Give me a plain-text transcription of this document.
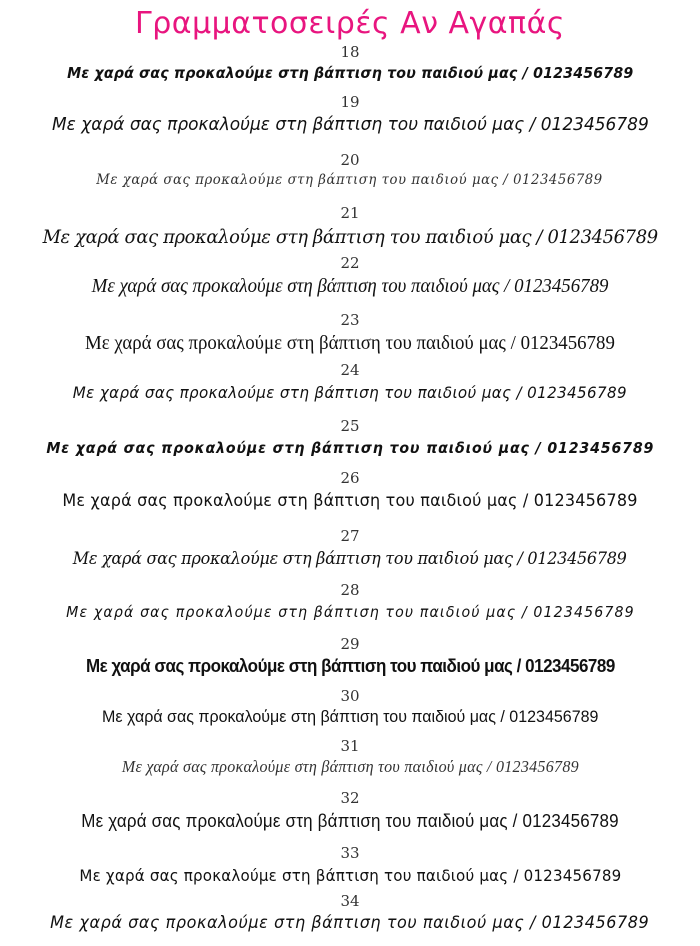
Γραμματοσειρές Αν Αγαπάς
18
Με χαρά σας προκαλούμε στη βάπτιση του παιδιού μας / 0123456789
19
Με χαρά σας προκαλούμε στη βάπτιση του παιδιού μας / 0123456789
20
Με χαρά σας προκαλούμε στη βάπτιση του παιδιού μας / 0123456789
21
Με χαρά σας προκαλούμε στη βάπτιση του παιδιού μας / 0123456789
22
Με χαρά σας προκαλούμε στη βάπτιση του παιδιού μας / 0123456789
23
Με χαρά σας προκαλούμε στη βάπτιση του παιδιού μας / 0123456789
24
Με χαρά σας προκαλούμε στη βάπτιση του παιδιού μας / 0123456789
25
Με χαρά σας προκαλούμε στη βάπτιση του παιδιού μας / 0123456789
26
Με χαρά σας προκαλούμε στη βάπτιση του παιδιού μας / 0123456789
27
Με χαρά σας προκαλούμε στη βάπτιση του παιδιού μας / 0123456789
28
Με χαρά σας προκαλούμε στη βάπτιση του παιδιού μας / 0123456789
29
Με χαρά σας προκαλούμε στη βάπτιση του παιδιού μας / 0123456789
30
Με χαρά σας προκαλούμε στη βάπτιση του παιδιού μας / 0123456789
31
Με χαρά σας προκαλούμε στη βάπτιση του παιδιού μας / 0123456789
32
Με χαρά σας προκαλούμε στη βάπτιση του παιδιού μας / 0123456789
33
Με χαρά σας προκαλούμε στη βάπτιση του παιδιού μας / 0123456789
34
Με χαρά σας προκαλούμε στη βάπτιση του παιδιού μας / 0123456789
